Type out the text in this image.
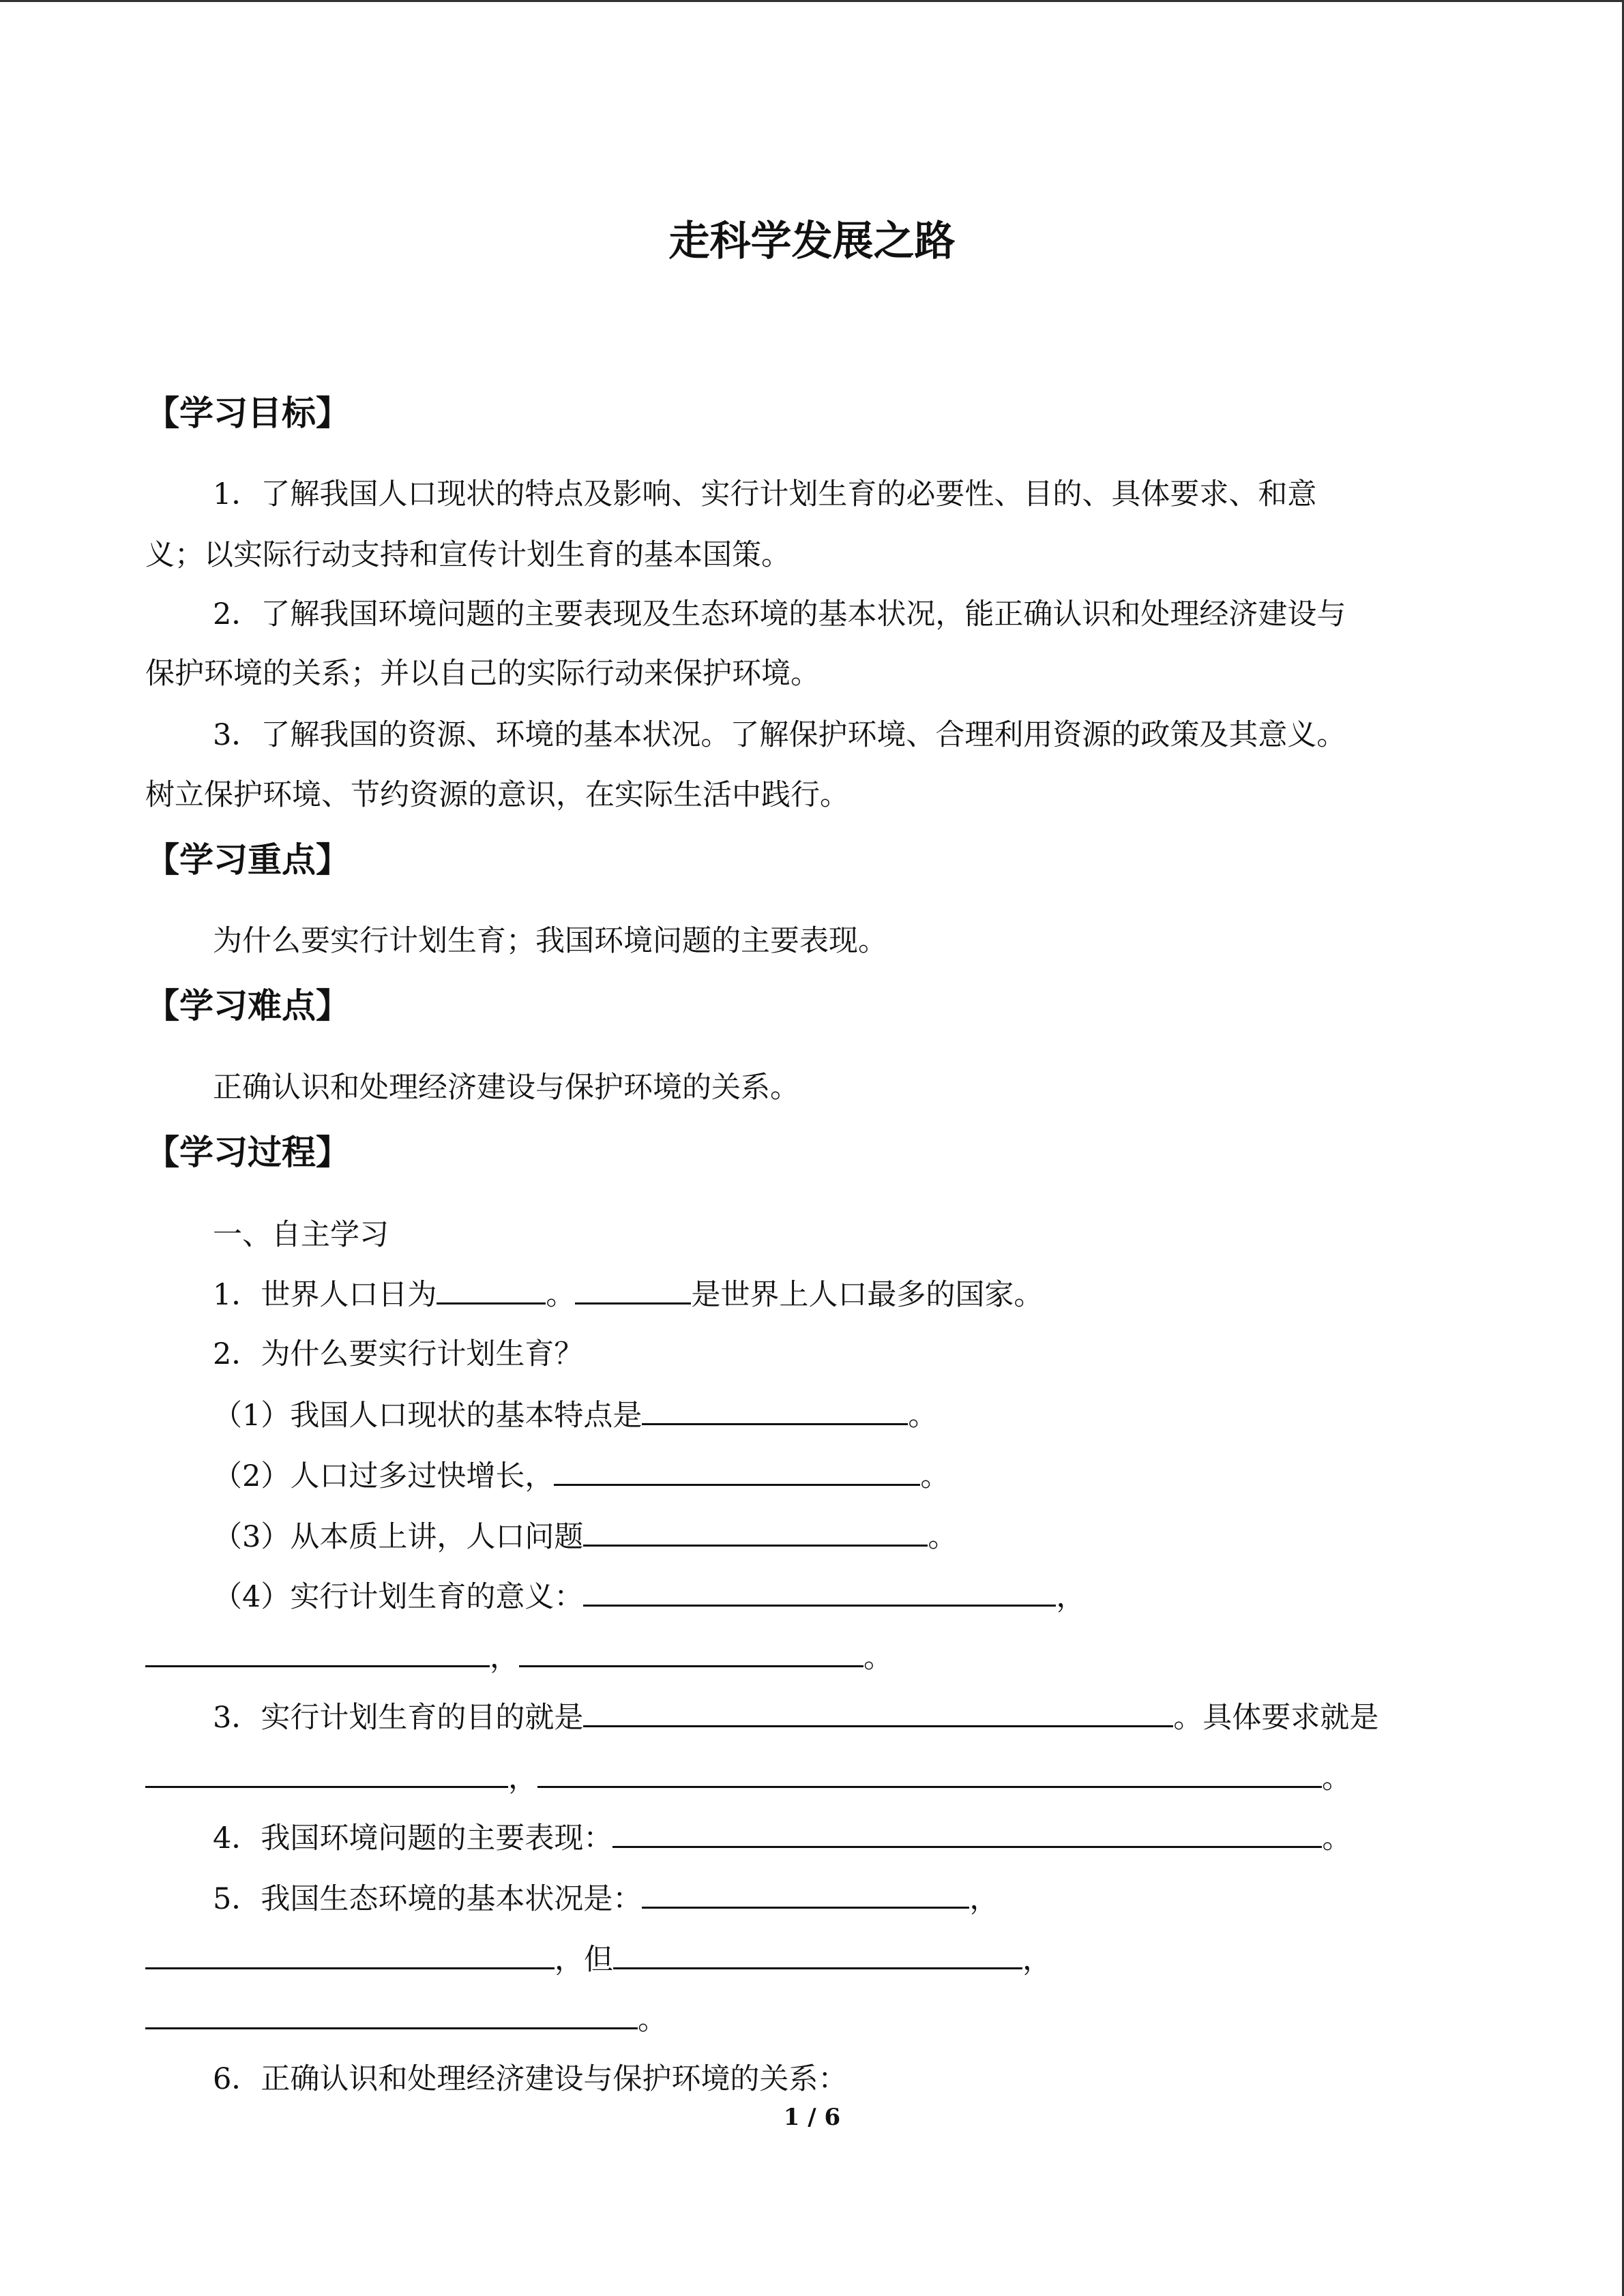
走科学发展之路
【学习目标】

1．了解我国人口现状的特点及影响、实行计划生育的必要性、目的、具体要求、和意

义；以实际行动支持和宣传计划生育的基本国策。

2．了解我国环境问题的主要表现及生态环境的基本状况，能正确认识和处理经济建设与

保护环境的关系；并以自己的实际行动来保护环境。

3．了解我国的资源、环境的基本状况。了解保护环境、合理利用资源的政策及其意义。

树立保护环境、节约资源的意识，在实际生活中践行。

【学习重点】

为什么要实行计划生育；我国环境问题的主要表现。

【学习难点】

正确认识和处理经济建设与保护环境的关系。

【学习过程】

一、自主学习

1．世界人口日为	。	是世界上人口最多的国家。

2．为什么要实行计划生育？

（1）我国人口现状的基本特点是	。

（2）人口过多过快增长，	。

（3）从本质上讲，人口问题	。

（4）实行计划生育的意义：	，

，	。

3．实行计划生育的目的就是	。具体要求就是

，	。

4．我国环境问题的主要表现：	。

5．我国生态环境的基本状况是：	，

，但	，

。

6．正确认识和处理经济建设与保护环境的关系：

1 / 6
